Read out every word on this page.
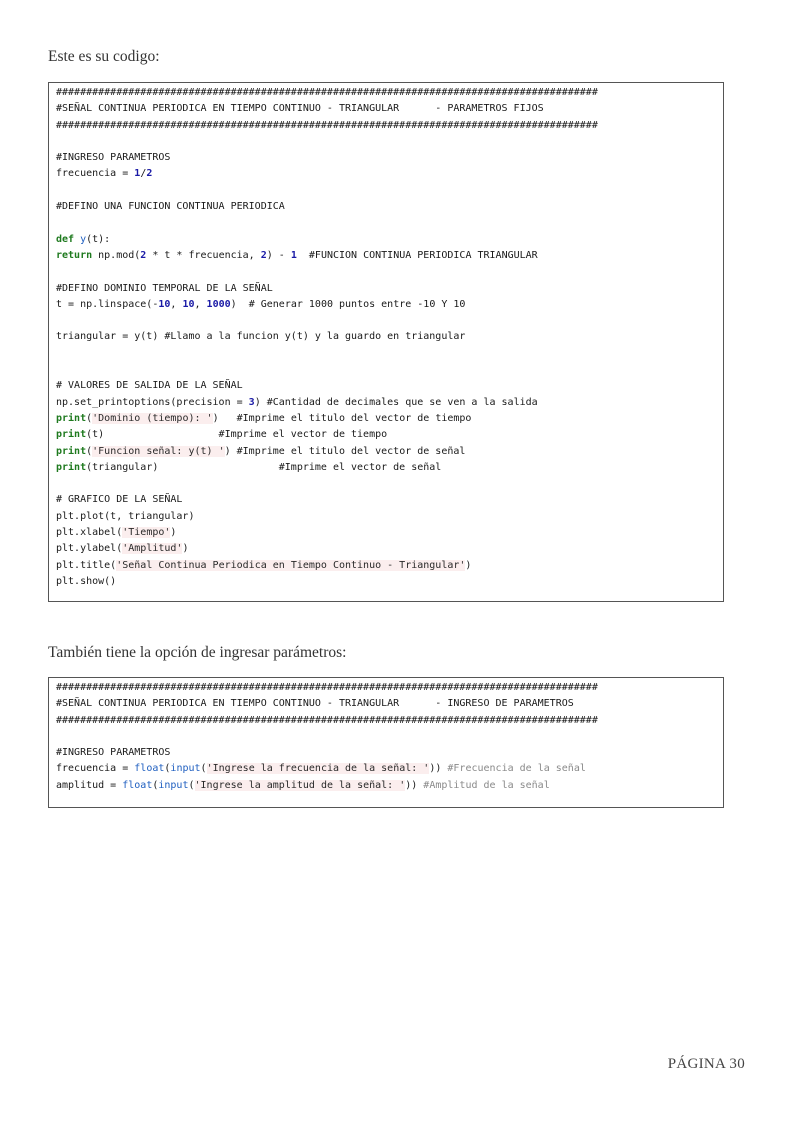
Este es su codigo:
##########################################################################################
#SEÑAL CONTINUA PERIODICA EN TIEMPO CONTINUO - TRIANGULAR      - PARAMETROS FIJOS
##########################################################################################
#INGRESO PARAMETROS
frecuencia = 1/2
#DEFINO UNA FUNCION CONTINUA PERIODICA
def y(t):
return np.mod(2 * t * frecuencia, 2) - 1  #FUNCION CONTINUA PERIODICA TRIANGULAR
#DEFINO DOMINIO TEMPORAL DE LA SEÑAL
t = np.linspace(-10, 10, 1000)  # Generar 1000 puntos entre -10 Y 10
triangular = y(t) #Llamo a la funcion y(t) y la guardo en triangular
# VALORES DE SALIDA DE LA SEÑAL
np.set_printoptions(precision = 3) #Cantidad de decimales que se ven a la salida
print('Dominio (tiempo): ')   #Imprime el titulo del vector de tiempo
print(t)                   #Imprime el vector de tiempo
print('Funcion señal: y(t) ') #Imprime el titulo del vector de señal
print(triangular)                    #Imprime el vector de señal
# GRAFICO DE LA SEÑAL
plt.plot(t, triangular)
plt.xlabel('Tiempo')
plt.ylabel('Amplitud')
plt.title('Señal Continua Periodica en Tiempo Continuo - Triangular')
plt.show()
También tiene la opción de ingresar parámetros:
##########################################################################################
#SEÑAL CONTINUA PERIODICA EN TIEMPO CONTINUO - TRIANGULAR      - INGRESO DE PARAMETROS
##########################################################################################
#INGRESO PARAMETROS
frecuencia = float(input('Ingrese la frecuencia de la señal: ')) #Frecuencia de la señal
amplitud = float(input('Ingrese la amplitud de la señal: ')) #Amplitud de la señal
PÁGINA 30
